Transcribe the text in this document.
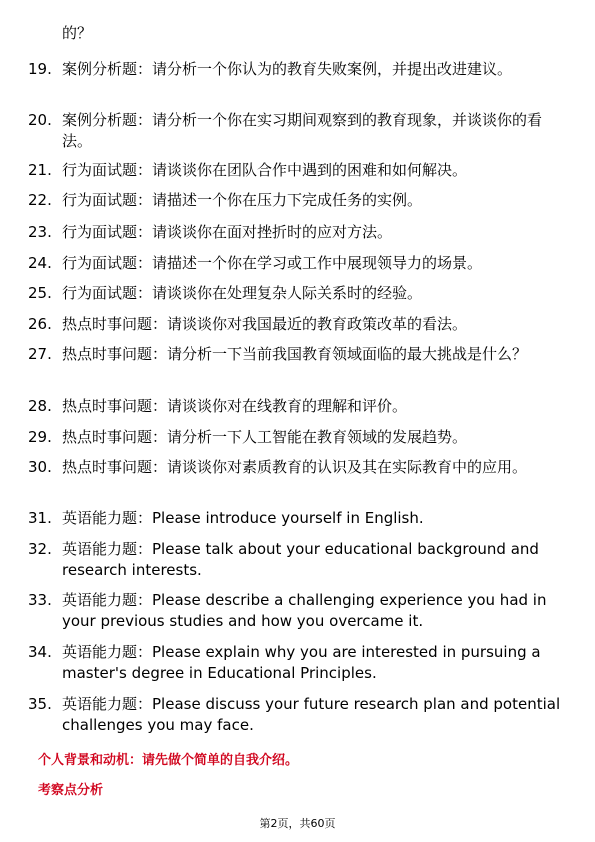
的？

19. 案例分析题：请分析一个你认为的教育失败案例，并提出改进建议。
20. 案例分析题：请分析一个你在实习期间观察到的教育现象，并谈谈你的看法。
21. 行为面试题：请谈谈你在团队合作中遇到的困难和如何解决。
22. 行为面试题：请描述一个你在压力下完成任务的实例。
23. 行为面试题：请谈谈你在面对挫折时的应对方法。
24. 行为面试题：请描述一个你在学习或工作中展现领导力的场景。
25. 行为面试题：请谈谈你在处理复杂人际关系时的经验。
26. 热点时事问题：请谈谈你对我国最近的教育政策改革的看法。
27. 热点时事问题：请分析一下当前我国教育领域面临的最大挑战是什么？
28. 热点时事问题：请谈谈你对在线教育的理解和评价。
29. 热点时事问题：请分析一下人工智能在教育领域的发展趋势。
30. 热点时事问题：请谈谈你对素质教育的认识及其在实际教育中的应用。
31. 英语能力题：Please introduce yourself in English.
32. 英语能力题：Please talk about your educational background and research interests.
33. 英语能力题：Please describe a challenging experience you had in your previous studies and how you overcame it.
34. 英语能力题：Please explain why you are interested in pursuing a master's degree in Educational Principles.
35. 英语能力题：Please discuss your future research plan and potential challenges you may face.
个人背景和动机：请先做个简单的自我介绍。
考察点分析
第2页，共60页
